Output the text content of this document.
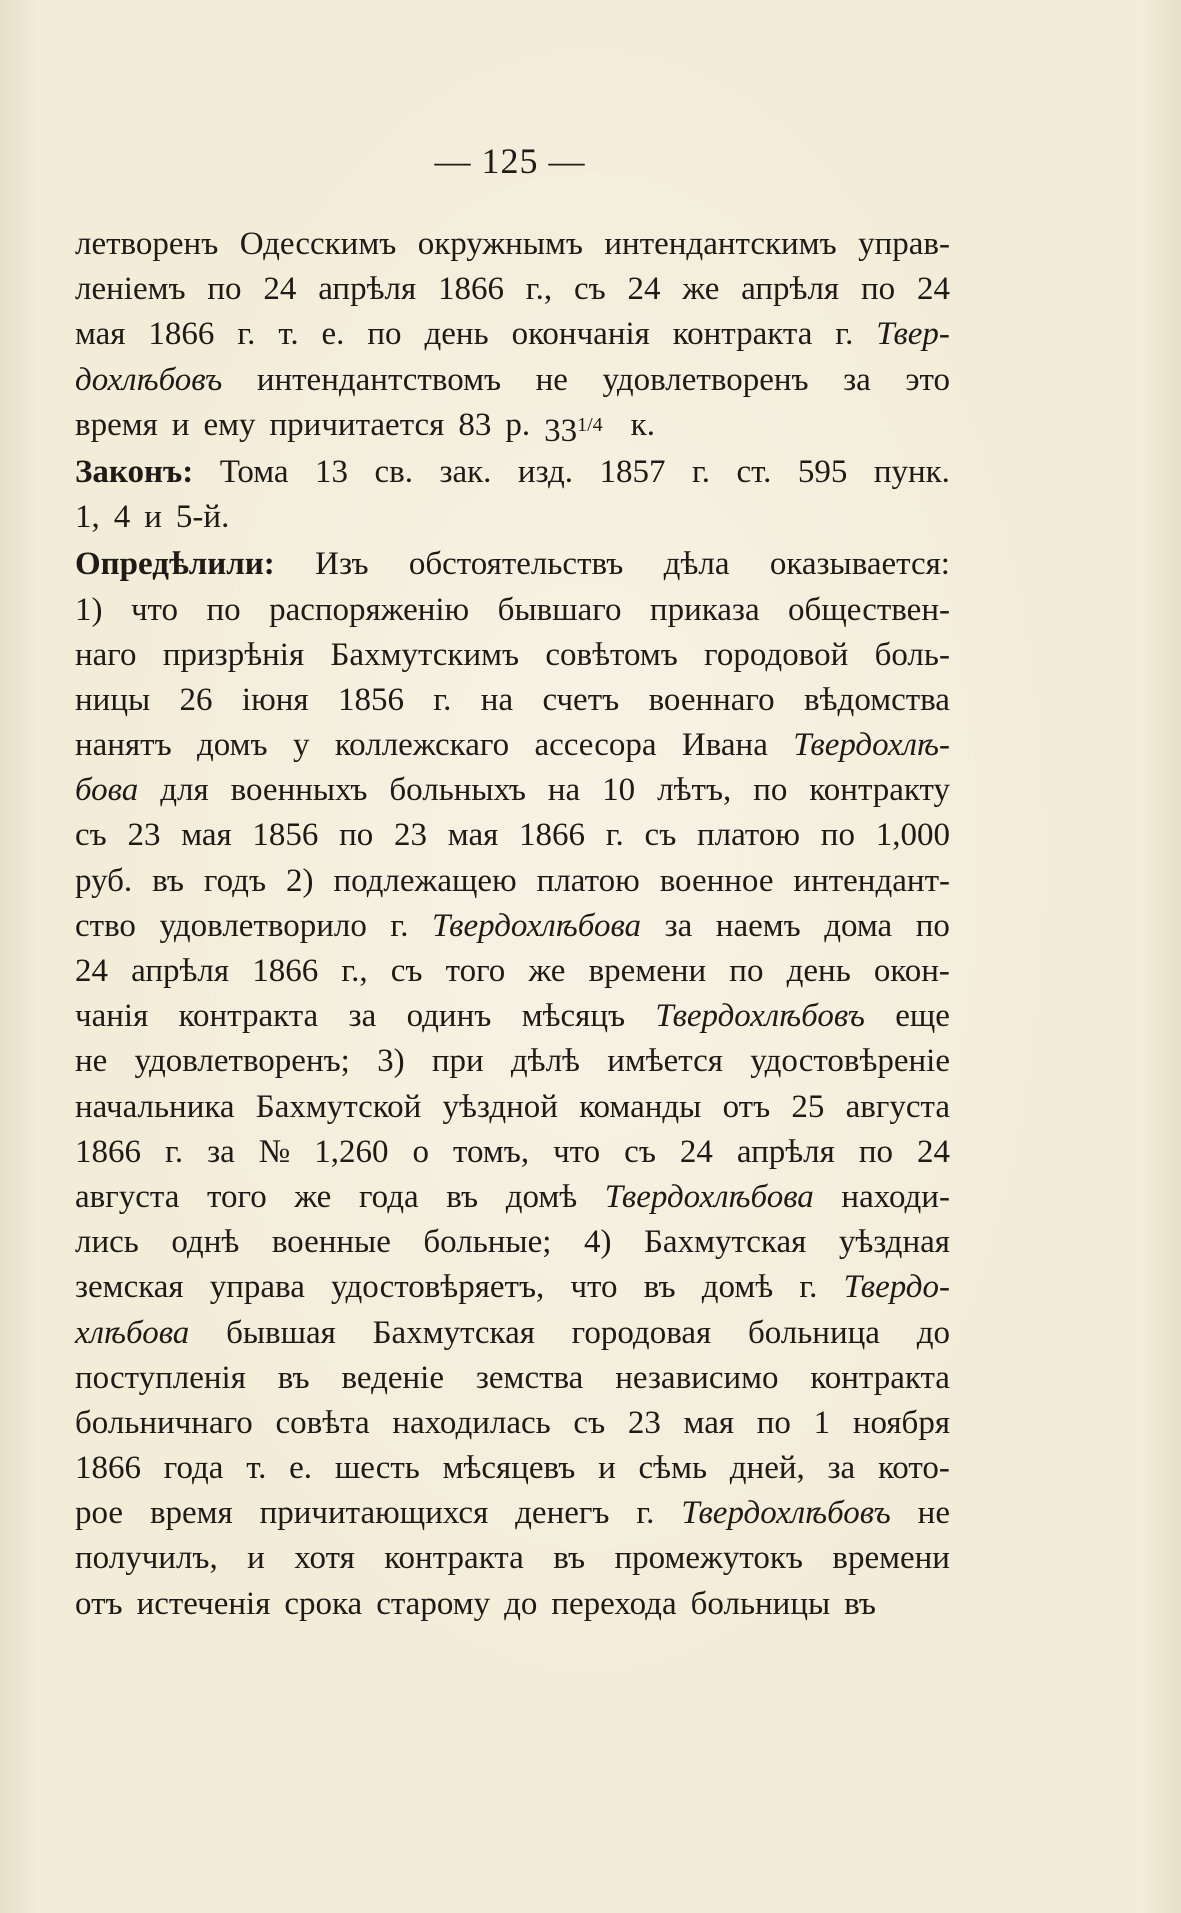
— 125 —
летворенъ Одесскимъ окружнымъ интендантскимъ управ-
леніемъ по 24 апрѣля 1866 г., съ 24 же апрѣля по 24
мая 1866 г. т. е. по день окончанія контракта г. Твер-
дохлѣбовъ интендантствомъ не удовлетворенъ за это
время и ему причитается 83 р. 331/4 к.
Законъ: Тома 13 св. зак. изд. 1857 г. ст. 595 пунк.
1, 4 и 5-й.
Опредѣлили: Изъ обстоятельствъ дѣла оказывается:
1) что по распоряженію бывшаго приказа обществен-
наго призрѣнія Бахмутскимъ совѣтомъ городовой боль-
ницы 26 іюня 1856 г. на счетъ военнаго вѣдомства
нанятъ домъ у коллежскаго ассесора Ивана Твердохлѣ-
бова для военныхъ больныхъ на 10 лѣтъ, по контракту
съ 23 мая 1856 по 23 мая 1866 г. съ платою по 1,000
руб. въ годъ 2) подлежащею платою военное интендант-
ство удовлетворило г. Твердохлѣбова за наемъ дома по
24 апрѣля 1866 г., съ того же времени по день окон-
чанія контракта за одинъ мѣсяцъ Твердохлѣбовъ еще
не удовлетворенъ; 3) при дѣлѣ имѣется удостовѣреніе
начальника Бахмутской уѣздной команды отъ 25 августа
1866 г. за № 1,260 о томъ, что съ 24 апрѣля по 24
августа того же года въ домѣ Твердохлѣбова находи-
лись однѣ военные больные; 4) Бахмутская уѣздная
земская управа удостовѣряетъ, что въ домѣ г. Твердо-
хлѣбова бывшая Бахмутская городовая больница до
поступленія въ веденіе земства независимо контракта
больничнаго совѣта находилась съ 23 мая по 1 ноября
1866 года т. е. шесть мѣсяцевъ и сѣмь дней, за кото-
рое время причитающихся денегъ г. Твердохлѣбовъ не
получилъ, и хотя контракта въ промежутокъ времени
отъ истеченія срока старому до перехода больницы въ
